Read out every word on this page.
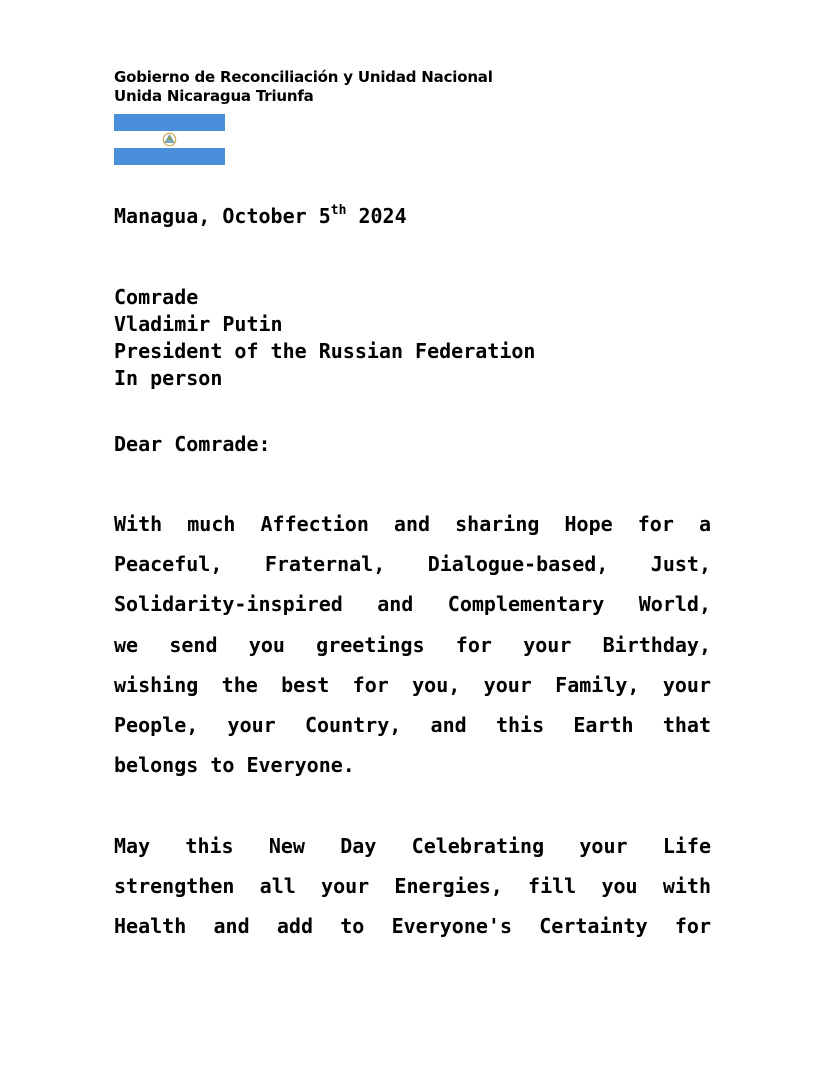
Gobierno de Reconciliación y Unidad Nacional
Unida Nicaragua Triunfa
Managua, October 5th 2024
Comrade
Vladimir Putin
President of the Russian Federation
In person
Dear Comrade:
With much Affection and sharing Hope for a
Peaceful, Fraternal, Dialogue-based, Just,
Solidarity-inspired and Complementary World,
we send you greetings for your Birthday,
wishing the best for you, your Family, your
People, your Country, and this Earth that
belongs to Everyone.
May this New Day Celebrating your Life
strengthen all your Energies, fill you with
Health and add to Everyone's Certainty for
